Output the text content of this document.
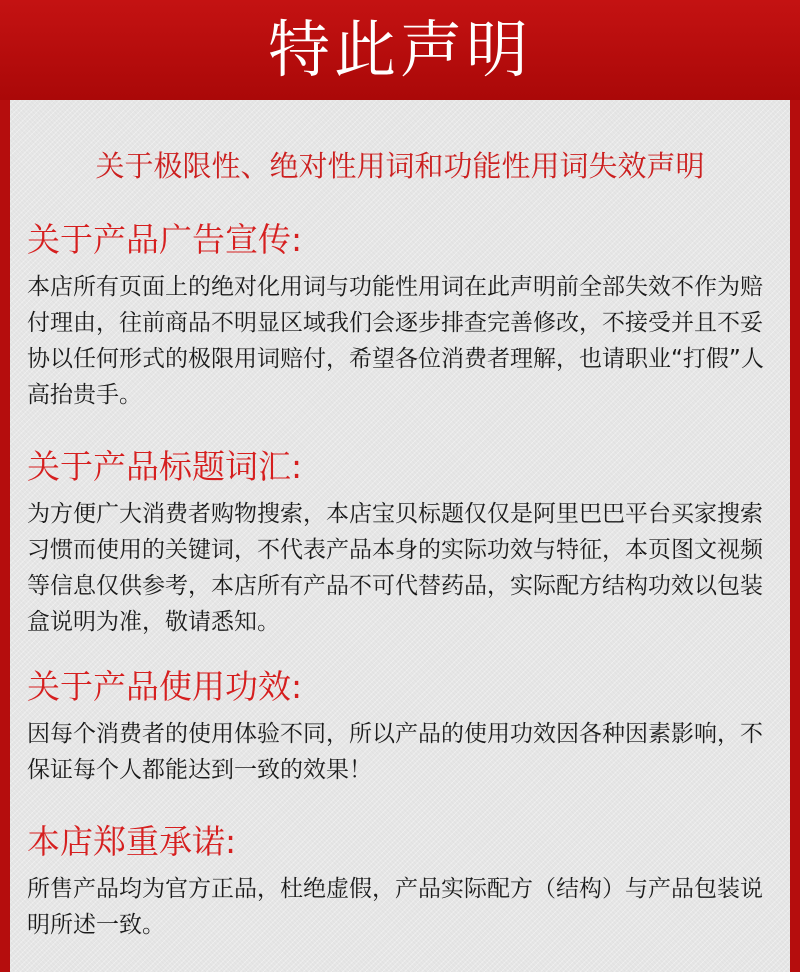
特此声明
关于极限性、绝对性用词和功能性用词失效声明
关于产品广告宣传:

本店所有页面上的绝对化用词与功能性用词在此声明前全部失效不作为赔付理由，往前商品不明显区域我们会逐步排查完善修改，不接受并且不妥协以任何形式的极限用词赔付，希望各位消费者理解，也请职业“打假”人高抬贵手。

关于产品标题词汇:

为方便广大消费者购物搜索，本店宝贝标题仅仅是阿里巴巴平台买家搜索习惯而使用的关键词，不代表产品本身的实际功效与特征，本页图文视频等信息仅供参考，本店所有产品不可代替药品，实际配方结构功效以包装盒说明为准，敬请悉知。

关于产品使用功效:

因每个消费者的使用体验不同，所以产品的使用功效因各种因素影响，不保证每个人都能达到一致的效果！

本店郑重承诺:

所售产品均为官方正品，杜绝虚假，产品实际配方（结构）与产品包装说明所述一致。
